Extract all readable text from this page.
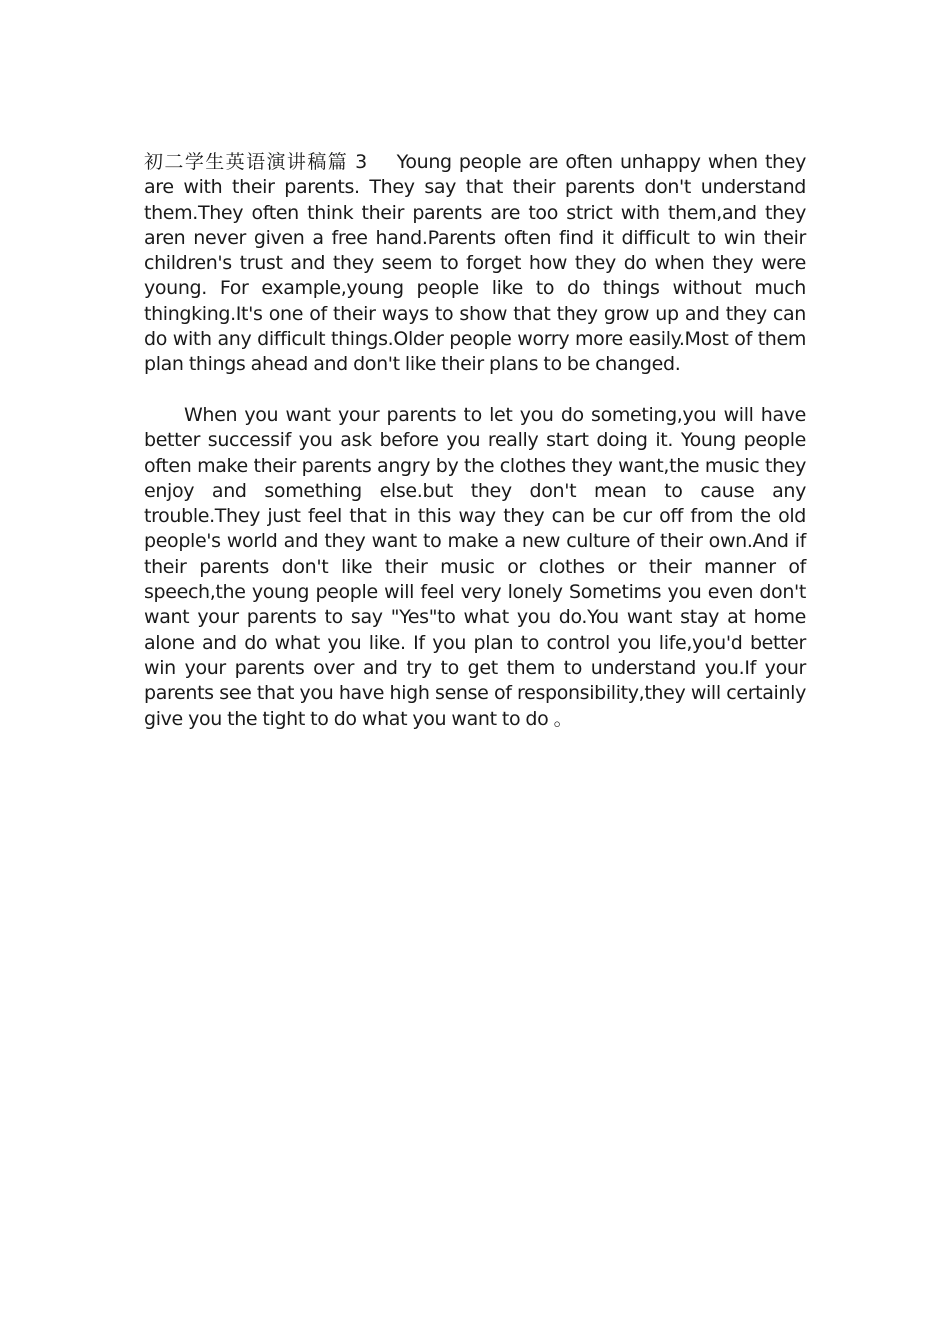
初二学生英语演讲稿篇 3 Young people are often unhappy when they are with their parents. They say that their parents don't understand them.They often think their parents are too strict with them,and they aren never given a free hand.Parents often find it difficult to win their children's trust and they seem to forget how they do when they were young. For example,young people like to do things without much thingking.It's one of their ways to show that they grow up and they can do with any difficult things.Older people worry more easily.Most of them plan things ahead and don't like their plans to be changed.

When you want your parents to let you do someting,you will have better successif you ask before you really start doing it. Young people often make their parents angry by the clothes they want,the music they enjoy and something else.but they don't mean to cause any trouble.They just feel that in this way they can be cur off from the old people's world and they want to make a new culture of their own.And if their parents don't like their music or clothes or their manner of speech,the young people will feel very lonely Sometims you even don't want your parents to say "Yes"to what you do.You want stay at home alone and do what you like. If you plan to control you life,you'd better win your parents over and try to get them to understand you.If your parents see that you have high sense of responsibility,they will certainly give you the tight to do what you want to do 。
